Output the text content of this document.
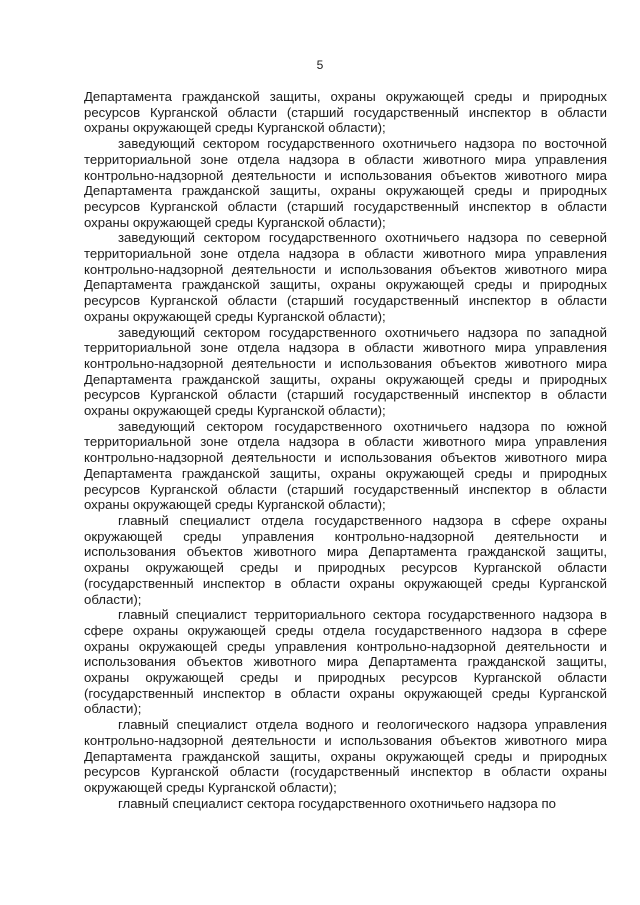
5

Департамента гражданской защиты, охраны окружающей среды и природных ресурсов Курганской области (старший государственный инспектор в области охраны окружающей среды Курганской области);

заведующий сектором государственного охотничьего надзора по восточной территориальной зоне отдела надзора в области животного мира управления контрольно-надзорной деятельности и использования объектов животного мира Департамента гражданской защиты, охраны окружающей среды и природных ресурсов Курганской области (старший государственный инспектор в области охраны окружающей среды Курганской области);

заведующий сектором государственного охотничьего надзора по северной территориальной зоне отдела надзора в области животного мира управления контрольно-надзорной деятельности и использования объектов животного мира Департамента гражданской защиты, охраны окружающей среды и природных ресурсов Курганской области (старший государственный инспектор в области охраны окружающей среды Курганской области);

заведующий сектором государственного охотничьего надзора по западной территориальной зоне отдела надзора в области животного мира управления контрольно-надзорной деятельности и использования объектов животного мира Департамента гражданской защиты, охраны окружающей среды и природных ресурсов Курганской области (старший государственный инспектор в области охраны окружающей среды Курганской области);

заведующий сектором государственного охотничьего надзора по южной территориальной зоне отдела надзора в области животного мира управления контрольно-надзорной деятельности и использования объектов животного мира Департамента гражданской защиты, охраны окружающей среды и природных ресурсов Курганской области (старший государственный инспектор в области охраны окружающей среды Курганской области);

главный специалист отдела государственного надзора в сфере охраны окружающей среды управления контрольно-надзорной деятельности и использования объектов животного мира Департамента гражданской защиты, охраны окружающей среды и природных ресурсов Курганской области (государственный инспектор в области охраны окружающей среды Курганской области);

главный специалист территориального сектора государственного надзора в сфере охраны окружающей среды отдела государственного надзора в сфере охраны окружающей среды управления контрольно-надзорной деятельности и использования объектов животного мира Департамента гражданской защиты, охраны окружающей среды и природных ресурсов Курганской области (государственный инспектор в области охраны окружающей среды Курганской области);

главный специалист отдела водного и геологического надзора управления контрольно-надзорной деятельности и использования объектов животного мира Департамента гражданской защиты, охраны окружающей среды и природных ресурсов Курганской области (государственный инспектор в области охраны окружающей среды Курганской области);

главный специалист сектора государственного охотничьего надзора по
